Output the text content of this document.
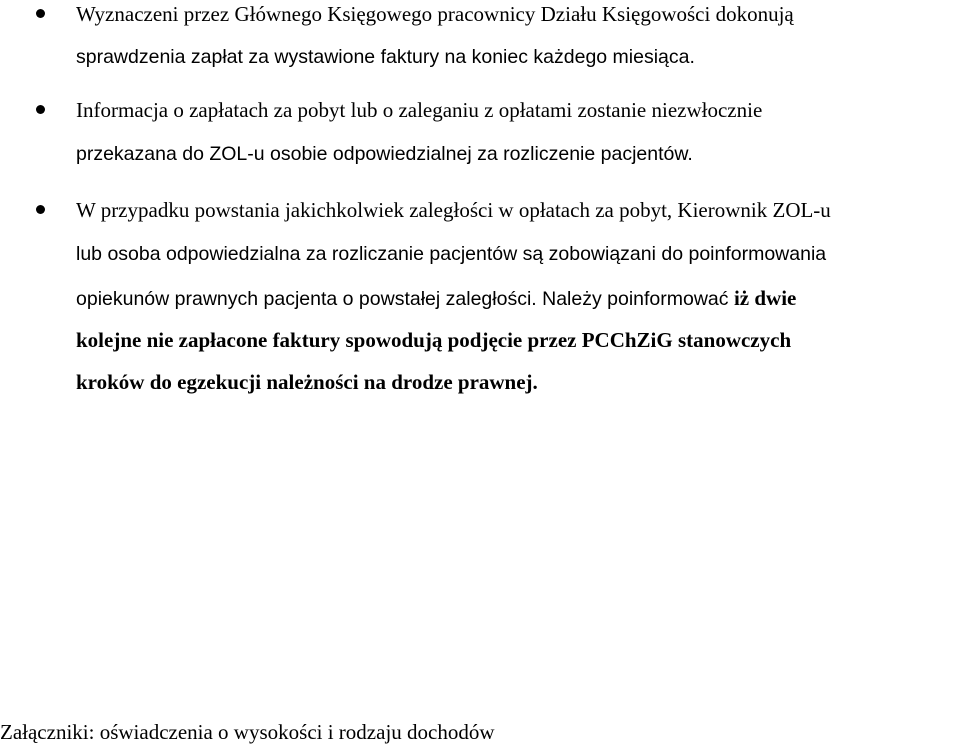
Wyznaczeni przez Głównego Księgowego pracownicy Działu Księgowości dokonują
sprawdzenia zapłat za wystawione faktury na koniec każdego miesiąca.
Informacja o zapłatach za pobyt lub o zaleganiu z opłatami zostanie niezwłocznie
przekazana do ZOL-u osobie odpowiedzialnej za rozliczenie pacjentów.
W przypadku powstania jakichkolwiek zaległości w opłatach za pobyt, Kierownik ZOL-u
lub osoba odpowiedzialna za rozliczanie pacjentów są zobowiązani do poinformowania
opiekunów prawnych pacjenta o powstałej zaległości. Należy poinformować iż dwie
kolejne nie zapłacone faktury spowodują podjęcie przez PCChZiG stanowczych
kroków do egzekucji należności na drodze prawnej.
Załączniki: oświadczenia o wysokości i rodzaju dochodów
